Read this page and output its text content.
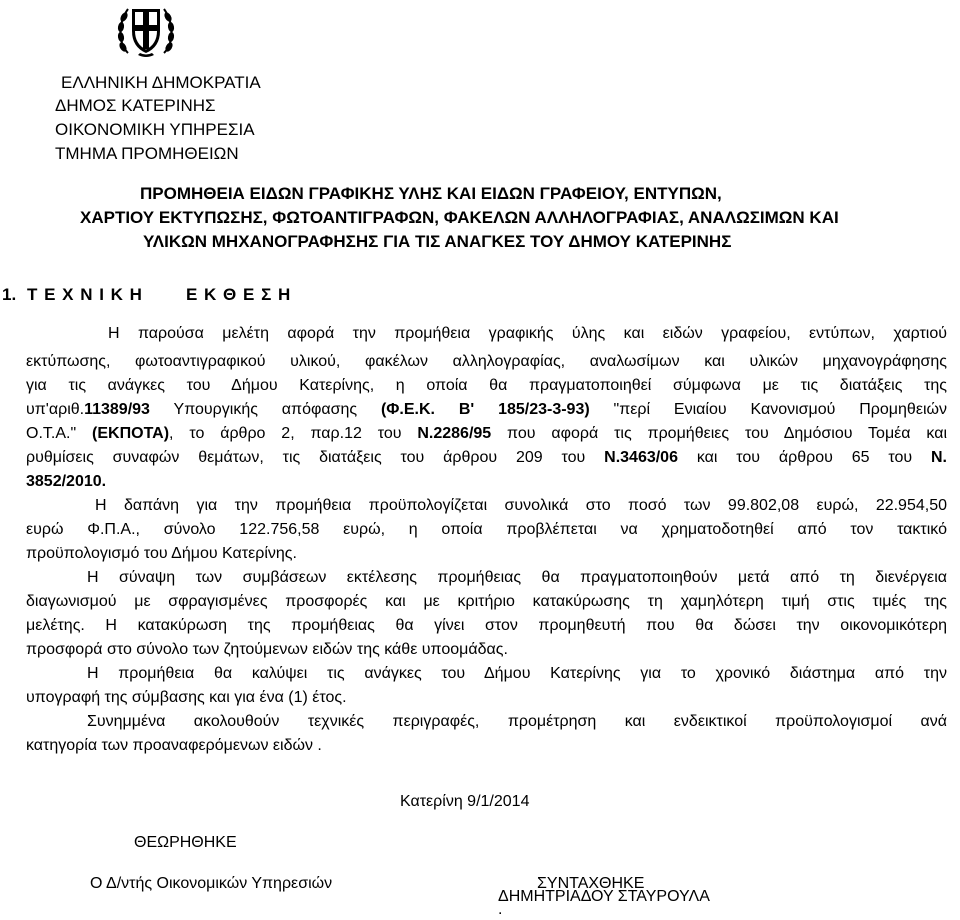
ΕΛΛΗΝΙΚΗ ΔΗΜΟΚΡΑΤΙΑ
ΔΗΜΟΣ ΚΑΤΕΡΙΝΗΣ
ΟΙΚΟΝΟΜΙΚΗ ΥΠΗΡΕΣΙΑ
ΤΜΗΜΑ ΠΡΟΜΗΘΕΙΩΝ
ΠΡΟΜΗΘΕΙΑ ΕΙΔΩΝ ΓΡΑΦΙΚΗΣ ΥΛΗΣ ΚΑΙ ΕΙΔΩΝ ΓΡΑΦΕΙΟΥ, ΕΝΤΥΠΩΝ,
ΧΑΡΤΙΟΥ ΕΚΤΥΠΩΣΗΣ, ΦΩΤΟΑΝΤΙΓΡΑΦΩΝ, ΦΑΚΕΛΩΝ ΑΛΛΗΛΟΓΡΑΦΙΑΣ, ΑΝΑΛΩΣΙΜΩΝ ΚΑΙ
ΥΛΙΚΩΝ ΜΗΧΑΝΟΓΡΑΦΗΣΗΣ ΓΙΑ ΤΙΣ ΑΝΑΓΚΕΣ ΤΟΥ ΔΗΜΟΥ ΚΑΤΕΡΙΝΗΣ
1. Τ Ε Χ Ν Ι Κ Η	Ε Κ Θ Ε Σ Η
Η παρούσα μελέτη αφορά την προμήθεια γραφικής ύλης και ειδών γραφείου, εντύπων, χαρτιού
εκτύπωσης, φωτοαντιγραφικού υλικού, φακέλων αλληλογραφίας, αναλωσίμων και υλικών μηχανογράφησης
για τις ανάγκες του Δήμου Κατερίνης, η οποία θα πραγματοποιηθεί σύμφωνα με τις διατάξεις της
υπ'αριθ.11389/93 Υπουργικής απόφασης (Φ.Ε.Κ. Β' 185/23-3-93) "περί Ενιαίου Κανονισμού Προμηθειών
Ο.Τ.Α." (ΕΚΠΟΤΑ), το άρθρο 2, παρ.12 του Ν.2286/95 που αφορά τις προμήθειες του Δημόσιου Τομέα και
ρυθμίσεις συναφών θεμάτων, τις διατάξεις του άρθρου 209 του Ν.3463/06 και του άρθρου 65 του Ν.
3852/2010.
Η δαπάνη για την προμήθεια προϋπολογίζεται συνολικά στο ποσό των 99.802,08 ευρώ, 22.954,50
ευρώ Φ.Π.Α., σύνολο 122.756,58 ευρώ, η οποία προβλέπεται να χρηματοδοτηθεί από τον τακτικό
προϋπολογισμό του Δήμου Κατερίνης.
Η σύναψη των συμβάσεων εκτέλεσης προμήθειας θα πραγματοποιηθούν μετά από τη διενέργεια
διαγωνισμού με σφραγισμένες προσφορές και με κριτήριο κατακύρωσης τη χαμηλότερη τιμή στις τιμές της
μελέτης. Η κατακύρωση της προμήθειας θα γίνει στον προμηθευτή που θα δώσει την οικονομικότερη
προσφορά στο σύνολο των ζητούμενων ειδών της κάθε υποομάδας.
Η προμήθεια θα καλύψει τις ανάγκες του Δήμου Κατερίνης για το χρονικό διάστημα από την
υπογραφή της σύμβασης και για ένα (1) έτος.
Συνημμένα ακολουθούν τεχνικές περιγραφές, προμέτρηση και ενδεικτικοί προϋπολογισμοί ανά
κατηγορία των προαναφερόμενων ειδών .
Κατερίνη 9/1/2014
ΘΕΩΡΗΘΗΚΕ
Ο Δ/ντής Οικονομικών Υπηρεσιών	ΣΥΝΤΑΧΘΗΚΕ
ΔΗΜΗΤΡΙΑΔΟΥ ΣΤΑΥΡΟΥΛΑ
.
